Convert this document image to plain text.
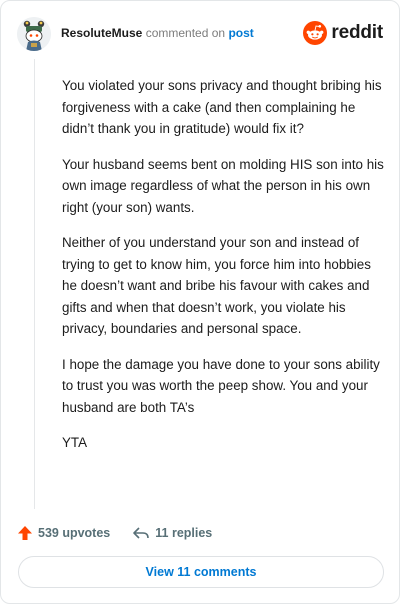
ResoluteMuse commented on post	reddit

You violated your sons privacy and thought bribing his forgiveness with a cake (and then complaining he didn’t thank you in gratitude) would fix it?

Your husband seems bent on molding HIS son into his own image regardless of what the person in his own right (your son) wants.

Neither of you understand your son and instead of trying to get to know him, you force him into hobbies he doesn’t want and bribe his favour with cakes and gifts and when that doesn’t work, you violate his privacy, boundaries and personal space.

I hope the damage you have done to your sons ability to trust you was worth the peep show. You and your husband are both TA’s

YTA

539 upvotes	11 replies
View 11 comments
